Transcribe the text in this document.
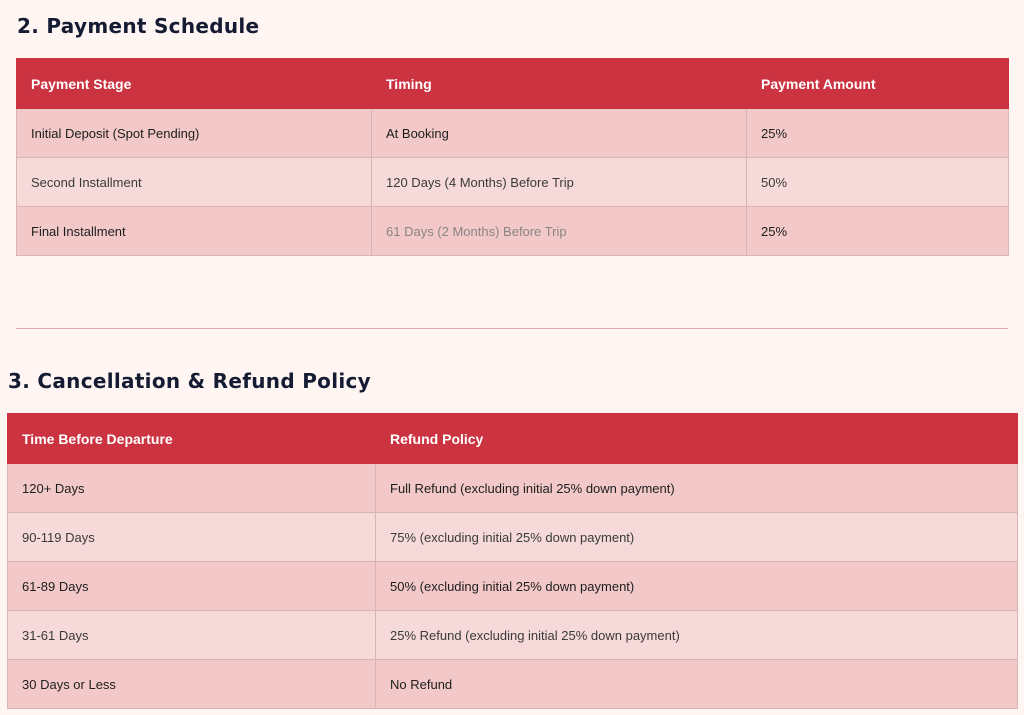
2. Payment Schedule
Payment Stage	Timing	Payment Amount
Initial Deposit (Spot Pending)	At Booking	25%
Second Installment	120 Days (4 Months) Before Trip	50%
Final Installment	61 Days (2 Months) Before Trip	25%
3. Cancellation & Refund Policy
Time Before Departure	Refund Policy
120+ Days	Full Refund (excluding initial 25% down payment)
90-119 Days	75% (excluding initial 25% down payment)
61-89 Days	50% (excluding initial 25% down payment)
31-61 Days	25% Refund (excluding initial 25% down payment)
30 Days or Less	No Refund
